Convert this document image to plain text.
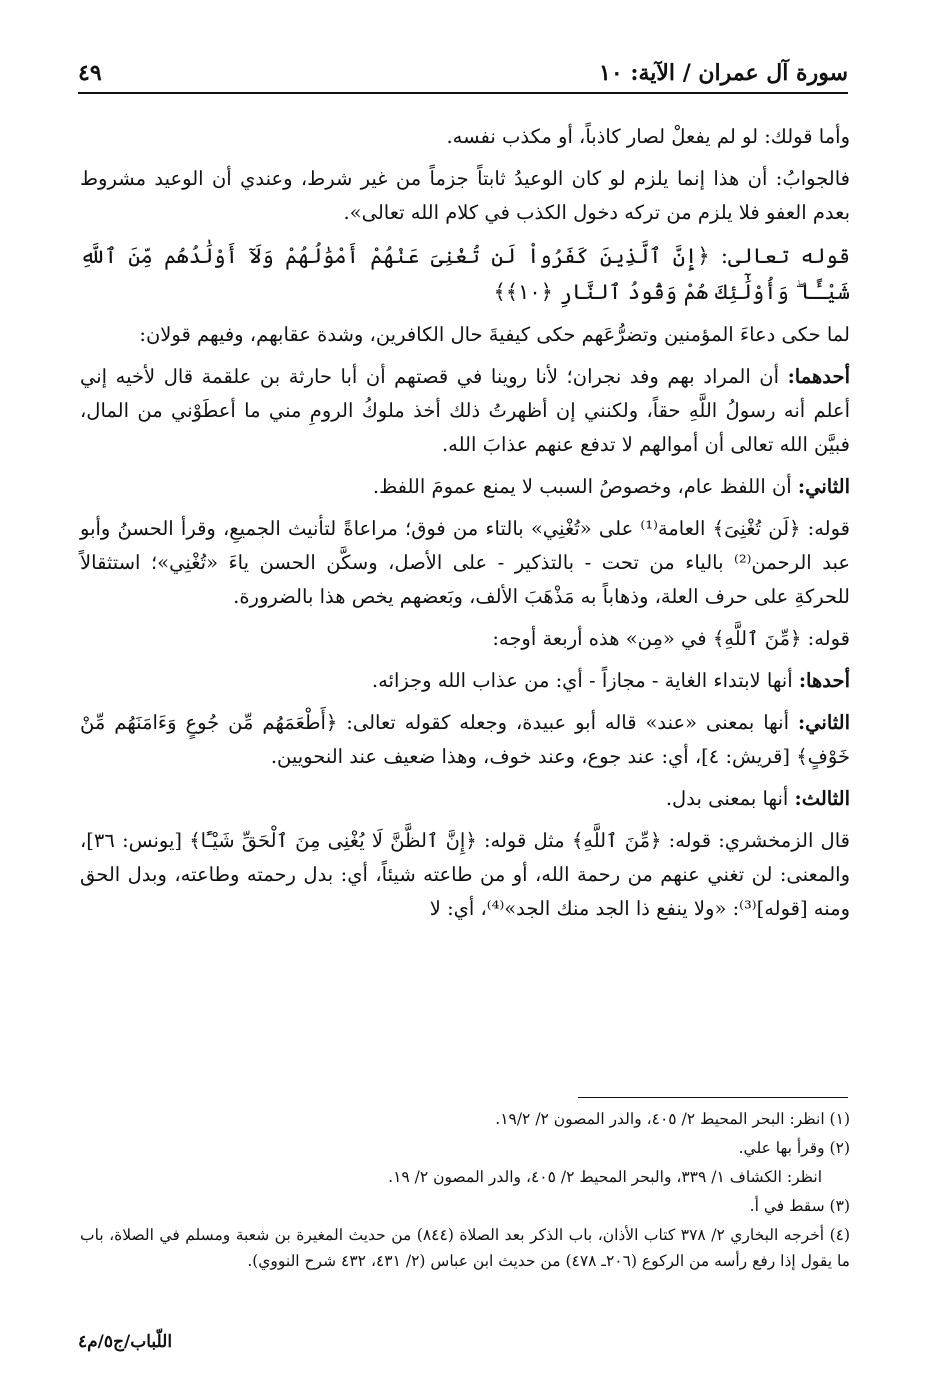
سورة آل عمران / الآية: ١٠
٤٩

وأما قولك: لو لم يفعلْ لصار كاذباً، أو مكذب نفسه.

فالجوابُ: أن هذا إنما يلزم لو كان الوعيدُ ثابتاً جزماً من غير شرط، وعندي أن الوعيد مشروط بعدم العفو فلا يلزم من تركه دخول الكذب في كلام الله تعالى».

قوله تعالى: ﴿إِنَّ ٱلَّذِينَ كَفَرُواْ لَن تُغْنِىَ عَنْهُمْ أَمْوَٰلُهُمْ وَلَآ أَوْلَٰدُهُم مِّنَ ٱللَّهِ شَيْـًٔا ۖ وَأُوْلَٰٓئِكَ هُمْ وَقُودُ ٱلنَّارِ ﴿١٠﴾﴾

لما حكى دعاءَ المؤمنين وتضرُّعَهم حكى كيفيةَ حال الكافرين، وشدة عقابهم، وفيهم قولان:

أحدهما: أن المراد بهم وفد نجران؛ لأنا روينا في قصتهم أن أبا حارثة بن علقمة قال لأخيه إني أعلم أنه رسولُ اللَّهِ حقاً، ولكنني إن أظهرتُ ذلك أخذ ملوكُ الرومِ مني ما أعطَوْني من المال، فبيَّن الله تعالى أن أموالهم لا تدفع عنهم عذابَ الله.

الثاني: أن اللفظ عام، وخصوصُ السبب لا يمنع عمومَ اللفظ.

قوله: ﴿لَن تُغْنِىَ﴾ العامة⁽¹⁾ على «تُغْنِي» بالتاء من فوق؛ مراعاةً لتأنيث الجميعِ، وقرأ الحسنُ وأبو عبد الرحمن⁽²⁾ بالياء من تحت - بالتذكير - على الأصل، وسكَّن الحسن ياءَ «تُغْنِي»؛ استثقالاً للحركةِ على حرف العلة، وذهاباً به مَذْهَبَ الألف، وبَعضهم يخص هذا بالضرورة.

قوله: ﴿مِّنَ ٱللَّهِ﴾ في «مِن» هذه أربعة أوجه:

أحدها: أنها لابتداء الغاية - مجازاً - أي: من عذاب الله وجزائه.

الثاني: أنها بمعنى «عند» قاله أبو عبيدة، وجعله كقوله تعالى: ﴿أَطْعَمَهُم مِّن جُوعٍ وَءَامَنَهُم مِّنْ خَوْفٍ﴾ [قريش: ٤]، أي: عند جوع، وعند خوف، وهذا ضعيف عند النحويين.

الثالث: أنها بمعنى بدل.

قال الزمخشري: قوله: ﴿مِّنَ ٱللَّهِ﴾ مثل قوله: ﴿إِنَّ ٱلظَّنَّ لَا يُغْنِى مِنَ ٱلْحَقِّ شَيْـًٔا﴾ [يونس: ٣٦]، والمعنى: لن تغني عنهم من رحمة الله، أو من طاعته شيئاً، أي: بدل رحمته وطاعته، وبدل الحق ومنه [قوله]⁽³⁾: «ولا ينفع ذا الجد منك الجد»⁽⁴⁾، أي: لا

(١) انظر: البحر المحيط ٢/ ٤٠٥، والدر المصون ٢/ ١٩/٢.

(٢) وقرأ بها علي.

انظر: الكشاف ١/ ٣٣٩، والبحر المحيط ٢/ ٤٠٥، والدر المصون ٢/ ١٩.

(٣) سقط في أ.

(٤) أخرجه البخاري ٢/ ٣٧٨ كتاب الأذان، باب الذكر بعد الصلاة (٨٤٤) من حديث المغيرة بن شعبة ومسلم في الصلاة، باب ما يقول إذا رفع رأسه من الركوع (٢٠٦ـ ٤٧٨) من حديث ابن عباس (٢/ ٤٣١، ٤٣٢ شرح النووي).

اللّباب/ج٥/م٤
